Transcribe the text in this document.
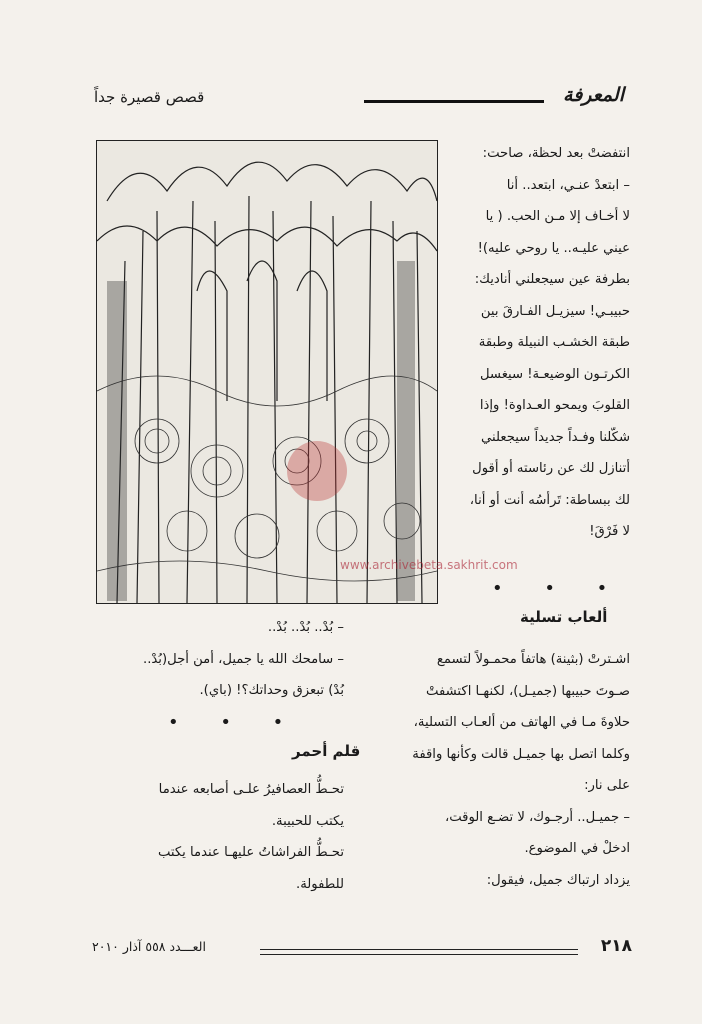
قصص قصيرة جداً	المعرفة

انتفضتْ بعد لحظة، صاحت:

– ابتعدْ عنـي، ابتعد.. أنا

لا أخـاف إلا مـن الحب. ( يا

عيني عليـه.. يا روحي عليه)!

بطرفة عين سيجعلني أناديك:

حبيبـي! سيزيـل الفـارقَ بين

طبقة الخشـب النبيلة وطبقة

الكرتـون الوضيعـة! سيغسل

القلوبَ ويمحو العـداوة! وإذا

شكّلنا وفـداً جديداً سيجعلني

أتنازل لك عن رئاسته أو أقول

لك ببساطة: تَرأسُه أنت أو أنا،

لا فَرْقَ!

www.archivebeta.sakhrit.com
• • •
ألعاب تسلية

اشـترتْ (بثينة) هاتفاً محمـولاً لتسمع

صـوتَ حبيبها (جميـل)، لكنهـا اكتشفتْ

حلاوةَ مـا في الهاتف من ألعـاب التسلية،

وكلما اتصل بها جميـل قالت وكأنها واقفة

على نار:

– جميـل.. أرجـوك، لا تضـع الوقت،

ادخلْ في الموضوع.

يزداد ارتباك جميل، فيقول:

– بُدْ.. بُدْ.. بُدْ..

– سامحك الله يا جميل، أمن أجل(بُدْ..

بُدْ) تبعزق وحداتك؟! (باي).

• • •
قلم أحمر

تحـطُّ العصافيرُ علـى أصابعه عندما

يكتب للحبيبة.

تحـطُّ الفراشاتُ عليهـا عندما يكتب

للطفولة.

٢١٨
العـــدد ٥٥٨ آذار ٢٠١٠
